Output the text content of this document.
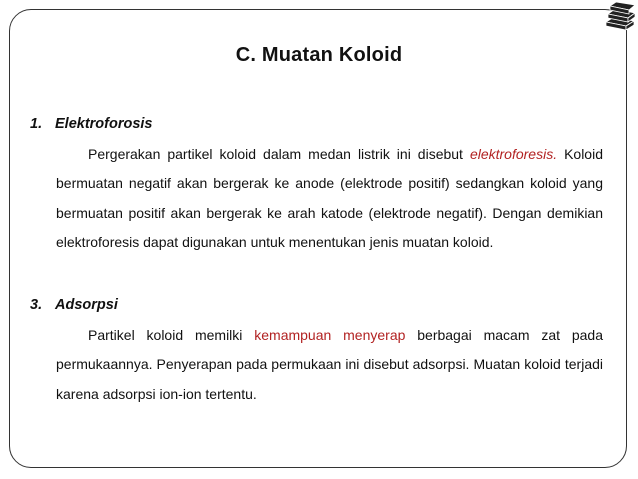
C. Muatan Koloid
1. Elektroforosis

Pergerakan partikel koloid dalam medan listrik ini disebut elektroforesis. Koloid bermuatan negatif akan bergerak ke anode (elektrode positif) sedangkan koloid yang bermuatan positif akan bergerak ke arah katode (elektrode negatif). Dengan demikian elektroforesis dapat digunakan untuk menentukan jenis muatan koloid.

3. Adsorpsi

Partikel koloid memilki kemampuan menyerap berbagai macam zat pada permukaannya. Penyerapan pada permukaan ini disebut adsorpsi. Muatan koloid terjadi karena adsorpsi ion-ion tertentu.
